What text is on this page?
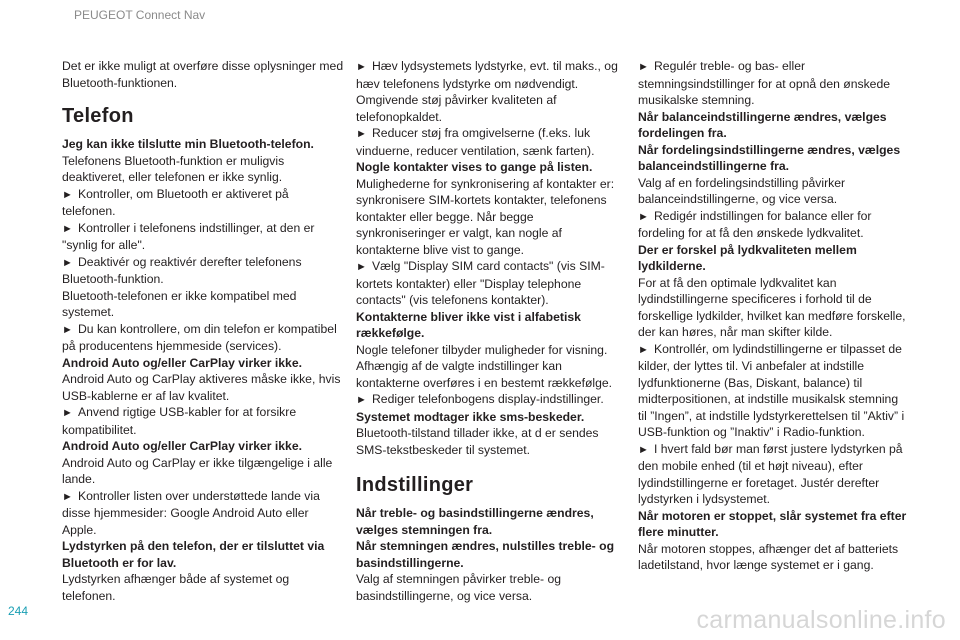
PEUGEOT Connect Nav

Det er ikke muligt at overføre disse oplysninger med Bluetooth-funktionen.

Telefon

Jeg kan ikke tilslutte min Bluetooth-telefon.

Telefonens Bluetooth-funktion er muligvis deaktiveret, eller telefonen er ikke synlig.

► Kontroller, om Bluetooth er aktiveret på telefonen.

► Kontroller i telefonens indstillinger, at den er "synlig for alle".

► Deaktivér og reaktivér derefter telefonens Bluetooth-funktion.

Bluetooth-telefonen er ikke kompatibel med systemet.

► Du kan kontrollere, om din telefon er kompatibel på producentens hjemmeside (services).

Android Auto og/eller CarPlay virker ikke.

Android Auto og CarPlay aktiveres måske ikke, hvis USB-kablerne er af lav kvalitet.

► Anvend rigtige USB-kabler for at forsikre kompatibilitet.

Android Auto og/eller CarPlay virker ikke.

Android Auto og CarPlay er ikke tilgængelige i alle lande.

► Kontroller listen over understøttede lande via disse hjemmesider: Google Android Auto eller Apple.

Lydstyrken på den telefon, der er tilsluttet via Bluetooth er for lav.

Lydstyrken afhænger både af systemet og telefonen.

► Hæv lydsystemets lydstyrke, evt. til maks., og hæv telefonens lydstyrke om nødvendigt.

Omgivende støj påvirker kvaliteten af telefonopkaldet.

► Reducer støj fra omgivelserne (f.eks. luk vinduerne, reducer ventilation, sænk farten).

Nogle kontakter vises to gange på listen.

Mulighederne for synkronisering af kontakter er: synkronisere SIM-kortets kontakter, telefonens kontakter eller begge. Når begge synkroniseringer er valgt, kan nogle af kontakterne blive vist to gange.

► Vælg "Display SIM card contacts" (vis SIM-kortets kontakter) eller "Display telephone contacts" (vis telefonens kontakter).

Kontakterne bliver ikke vist i alfabetisk rækkefølge.

Nogle telefoner tilbyder muligheder for visning. Afhængig af de valgte indstillinger kan kontakterne overføres i en bestemt rækkefølge.

► Rediger telefonbogens display-indstillinger.

Systemet modtager ikke sms-beskeder.

Bluetooth-tilstand tillader ikke, at d er sendes SMS-tekstbeskeder til systemet.

Indstillinger

Når treble- og basindstillingerne ændres, vælges stemningen fra.

Når stemningen ændres, nulstilles treble- og basindstillingerne.

Valg af stemningen påvirker treble- og basindstillingerne, og vice versa.

► Regulér treble- og bas- eller stemningsindstillinger for at opnå den ønskede musikalske stemning.

Når balanceindstillingerne ændres, vælges fordelingen fra.

Når fordelingsindstillingerne ændres, vælges balanceindstillingerne fra.

Valg af en fordelingsindstilling påvirker balanceindstillingerne, og vice versa.

► Redigér indstillingen for balance eller for fordeling for at få den ønskede lydkvalitet.

Der er forskel på lydkvaliteten mellem lydkilderne.

For at få den optimale lydkvalitet kan lydindstillingerne specificeres i forhold til de forskellige lydkilder, hvilket kan medføre forskelle, der kan høres, når man skifter kilde.

► Kontrollér, om lydindstillingerne er tilpasset de kilder, der lyttes til. Vi anbefaler at indstille lydfunktionerne (Bas, Diskant, balance) til midterpositionen, at indstille musikalsk stemning til ”Ingen”, at indstille lydstyrkerettelsen til ”Aktiv” i USB-funktion og ”Inaktiv” i Radio-funktion.

► I hvert fald bør man først justere lydstyrken på den mobile enhed (til et højt niveau), efter lydindstillingerne er foretaget. Justér derefter lydstyrken i lydsystemet.

Når motoren er stoppet, slår systemet fra efter flere minutter.

Når motoren stoppes, afhænger det af batteriets ladetilstand, hvor længe systemet er i gang.

244	carmanualsonline.info
